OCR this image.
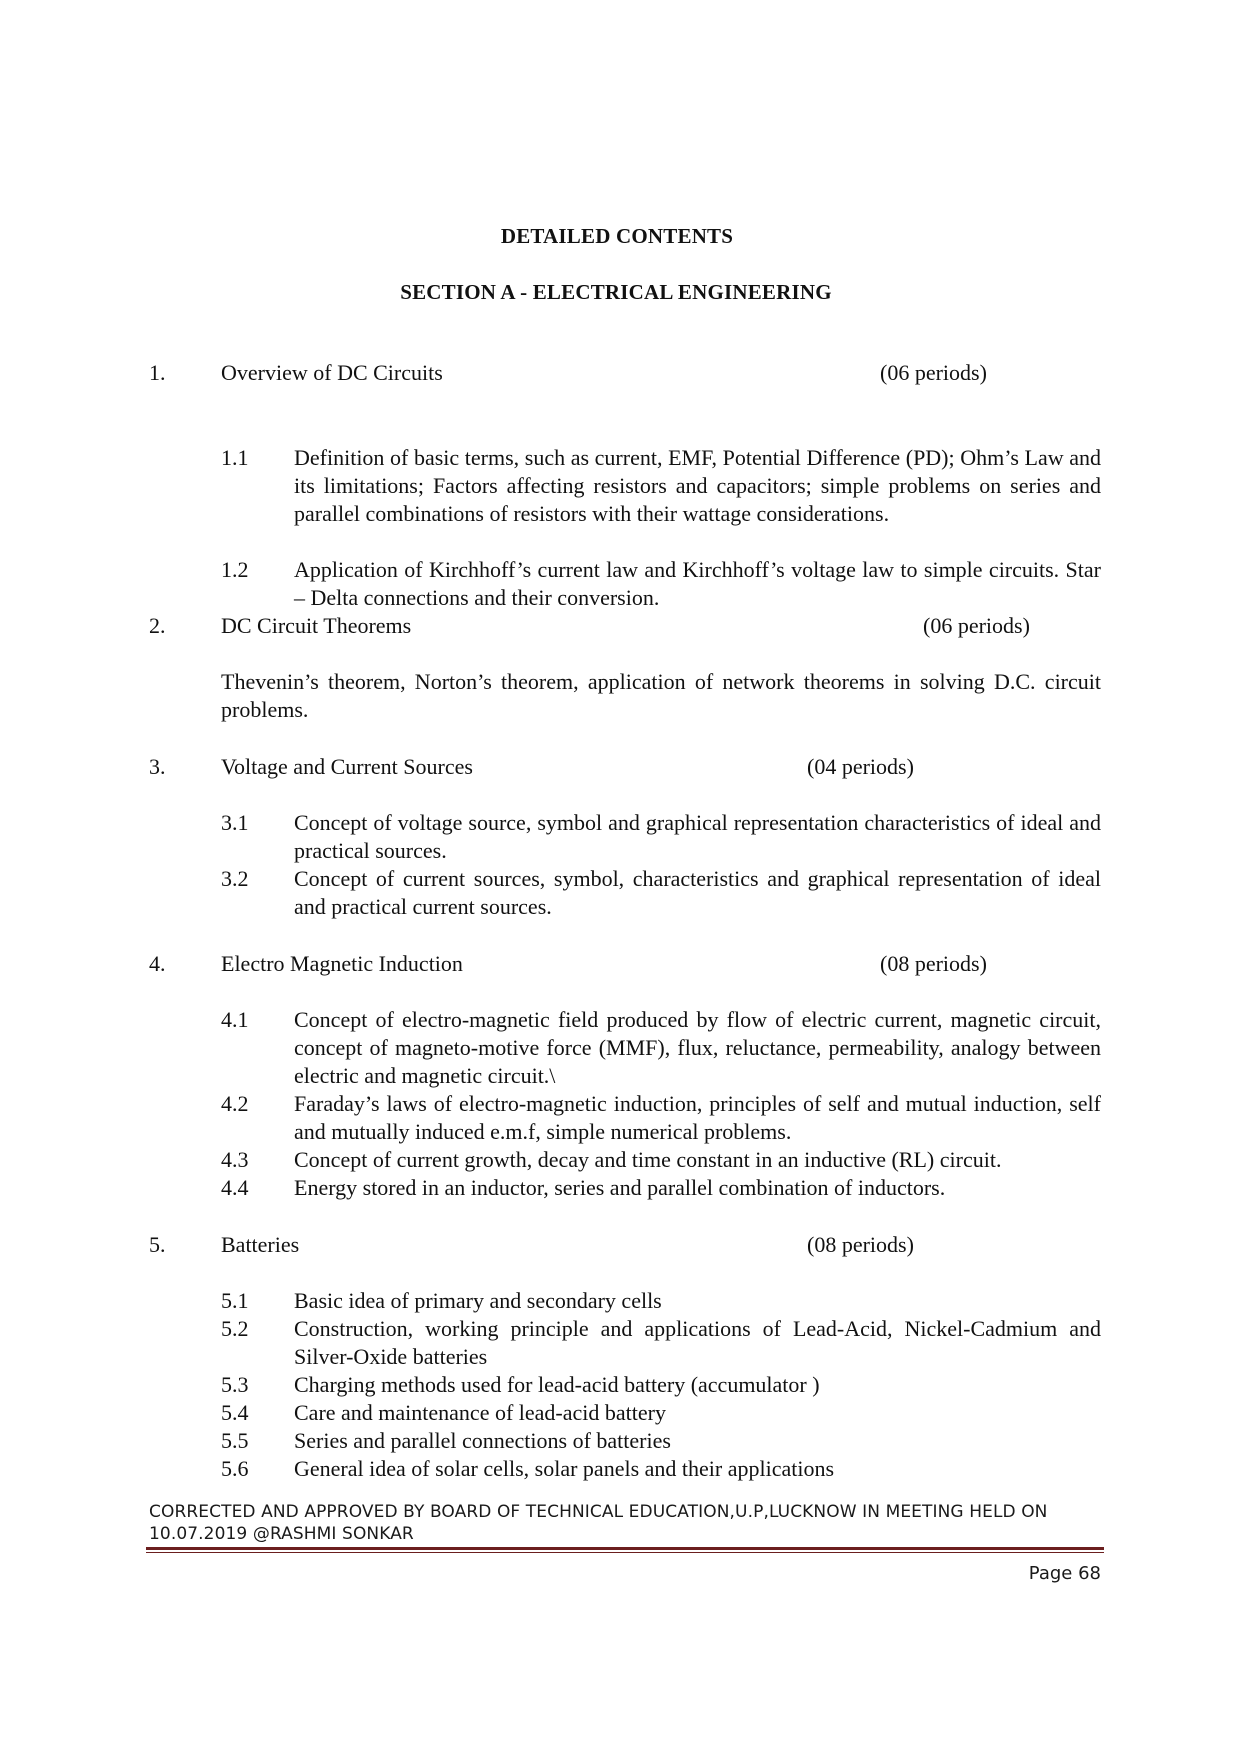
DETAILED CONTENTS
SECTION A - ELECTRICAL ENGINEERING
1.	Overview of DC Circuits	(06 periods)
1.1 Definition of basic terms, such as current, EMF, Potential Difference (PD); Ohm’s Law and its limitations; Factors affecting resistors and capacitors; simple problems on series and parallel combinations of resistors with their wattage considerations.
1.2 Application of Kirchhoff’s current law and Kirchhoff’s voltage law to simple circuits. Star – Delta connections and their conversion.
2.	DC Circuit Theorems	(06 periods)
Thevenin’s theorem, Norton’s theorem, application of network theorems in solving D.C. circuit problems.
3.	Voltage and Current Sources	(04 periods)
3.1 Concept of voltage source, symbol and graphical representation characteristics of ideal and practical sources.
3.2 Concept of current sources, symbol, characteristics and graphical representation of ideal and practical current sources.
4.	Electro Magnetic Induction	(08 periods)
4.1 Concept of electro-magnetic field produced by flow of electric current, magnetic circuit, concept of magneto-motive force (MMF), flux, reluctance, permeability, analogy between electric and magnetic circuit.\
4.2 Faraday’s laws of electro-magnetic induction, principles of self and mutual induction, self and mutually induced e.m.f, simple numerical problems.
4.3 Concept of current growth, decay and time constant in an inductive (RL) circuit.
4.4 Energy stored in an inductor, series and parallel combination of inductors.
5.	Batteries	(08 periods)
5.1 Basic idea of primary and secondary cells
5.2 Construction, working principle and applications of Lead-Acid, Nickel-Cadmium and Silver-Oxide batteries
5.3 Charging methods used for lead-acid battery (accumulator )
5.4 Care and maintenance of lead-acid battery
5.5 Series and parallel connections of batteries
5.6 General idea of solar cells, solar panels and their applications
CORRECTED AND APPROVED BY BOARD OF TECHNICAL EDUCATION,U.P,LUCKNOW IN MEETING HELD ON
10.07.2019 @RASHMI SONKAR
Page 68
